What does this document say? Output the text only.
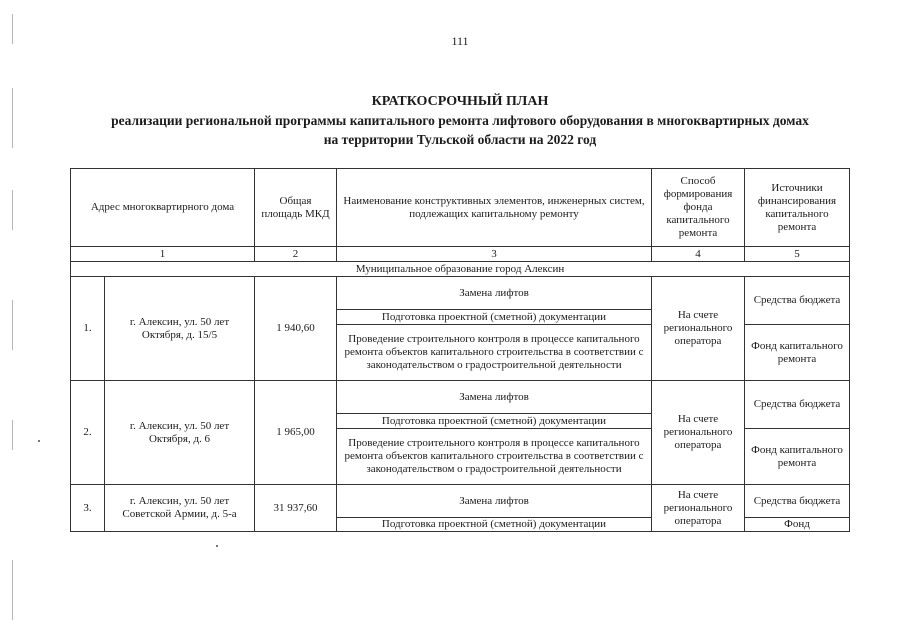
111
КРАТКОСРОЧНЫЙ ПЛАН
реализации региональной программы капитального ремонта лифтового оборудования в многоквартирных домах
на территории Тульской области на 2022 год
Адрес многоквартирного дома		Общая площадь МКД	Наименование конструктивных элементов, инженерных систем, подлежащих капитальному ремонту	Способ формирования фонда капитального ремонта	Источники финансирования капитального ремонта
1		2	3	4	5
Муниципальное образование город Алексин					
1.	г. Алексин, ул. 50 лет Октября, д. 15/5	1 940,60	Замена лифтов	На счете регионального оператора	Средства бюджета
			Подготовка проектной (сметной) документации		
			Проведение строительного контроля в процессе капитального ремонта объектов капитального строительства в соответствии с законодательством о градостроительной деятельности		Фонд капитального ремонта
2.	г. Алексин, ул. 50 лет Октября, д. 6	1 965,00	Замена лифтов	На счете регионального оператора	Средства бюджета
			Подготовка проектной (сметной) документации		
			Проведение строительного контроля в процессе капитального ремонта объектов капитального строительства в соответствии с законодательством о градостроительной деятельности		Фонд капитального ремонта
3.	г. Алексин, ул. 50 лет Советской Армии, д. 5-а	31 937,60	Замена лифтов	На счете регионального оператора	Средства бюджета
			Подготовка проектной (сметной) документации		Фонд
